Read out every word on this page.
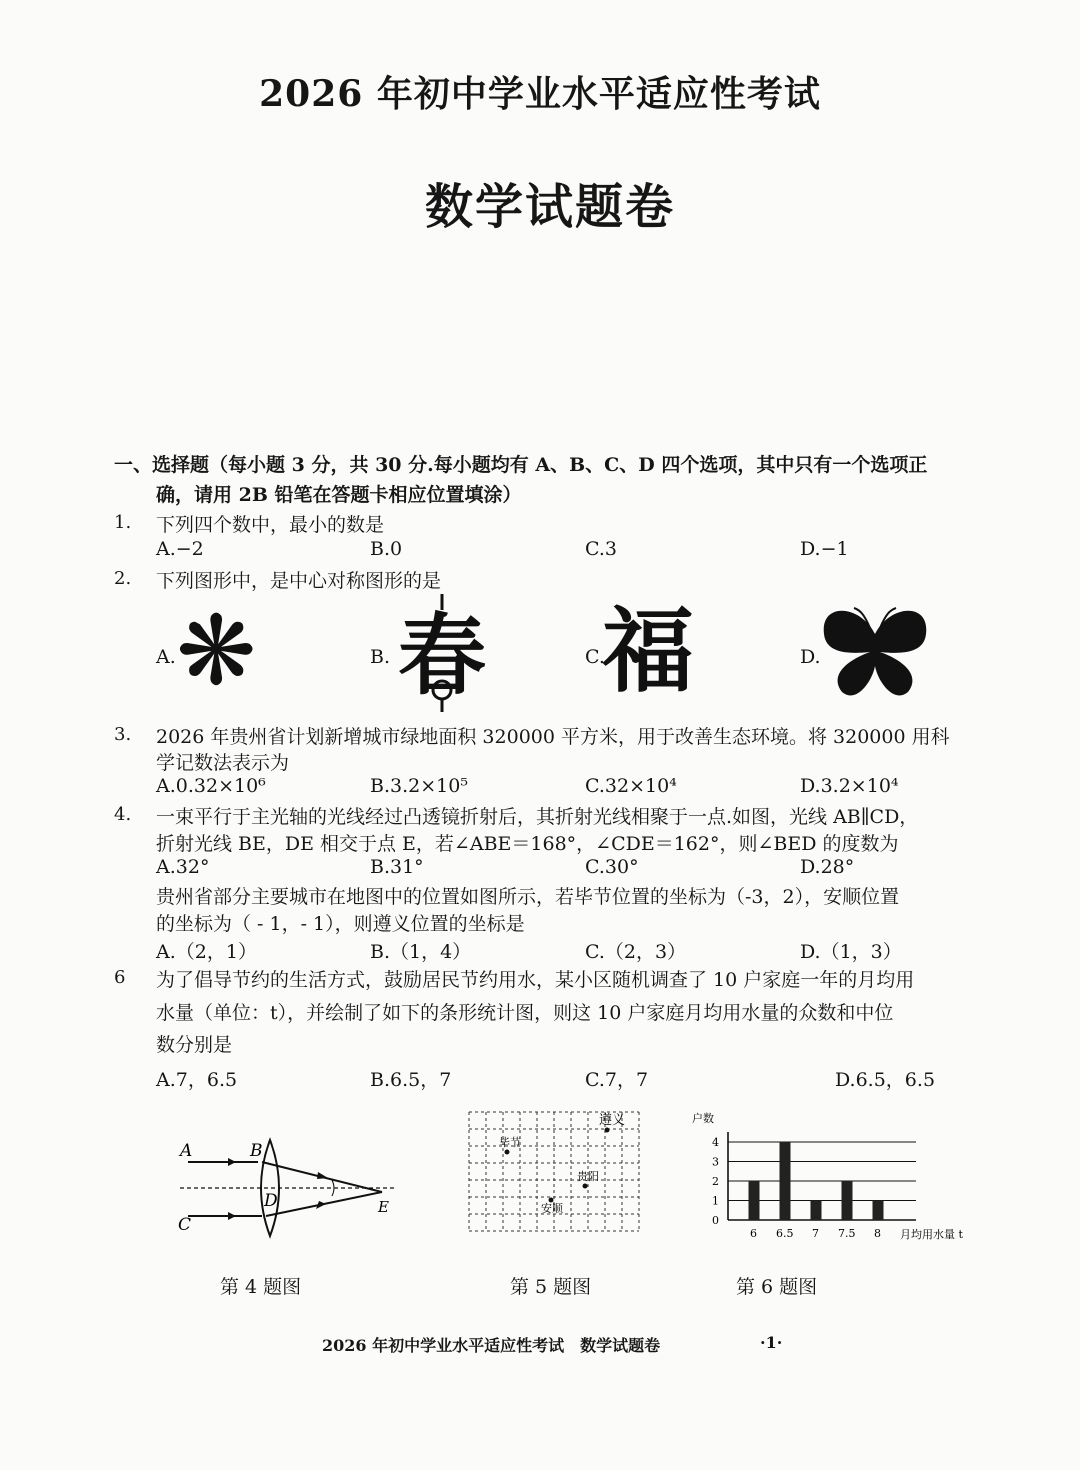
2026 年初中学业水平适应性考试
数学试题卷
一、选择题（每小题 3 分，共 30 分.每小题均有 A、B、C、D 四个选项，其中只有一个选项正
确，请用 2B 铅笔在答题卡相应位置填涂）
1. 下列四个数中，最小的数是
A.−2	B.0	C.3	D.−1
2. 下列图形中，是中心对称图形的是
A.	B.	C.	D.
❋ 春 福
3. 2026 年贵州省计划新增城市绿地面积 320000 平方米，用于改善生态环境。将 320000 用科
学记数法表示为
A.0.32×10⁶	B.3.2×10⁵	C.32×10⁴	D.3.2×10⁴
4. 一束平行于主光轴的光线经过凸透镜折射后，其折射光线相聚于一点.如图，光线 AB∥CD，
折射光线 BE，DE 相交于点 E，若∠ABE＝168°，∠CDE＝162°，则∠BED 的度数为
A.32°	B.31°	C.30°	D.28°
贵州省部分主要城市在地图中的位置如图所示，若毕节位置的坐标为（-3，2），安顺位置
的坐标为（ - 1，- 1），则遵义位置的坐标是
A.（2，1）	B.（1，4）	C.（2，3）	D.（1，3）
6 为了倡导节约的生活方式，鼓励居民节约用水，某小区随机调查了 10 户家庭一年的月均用
水量（单位：t），并绘制了如下的条形统计图，则这 10 户家庭月均用水量的众数和中位
数分别是
A.7，6.5	B.6.5，7	C.7，7	D.6.5，6.5
A	B
C
D	E
遵义
毕节
贵阳
安顺
户数
月均用水量 t
0
1
2
3
4
6 6.5 7 7.5 8
第 4 题图	第 5 题图	第 6 题图
2026 年初中学业水平适应性考试　数学试题卷	·1·
